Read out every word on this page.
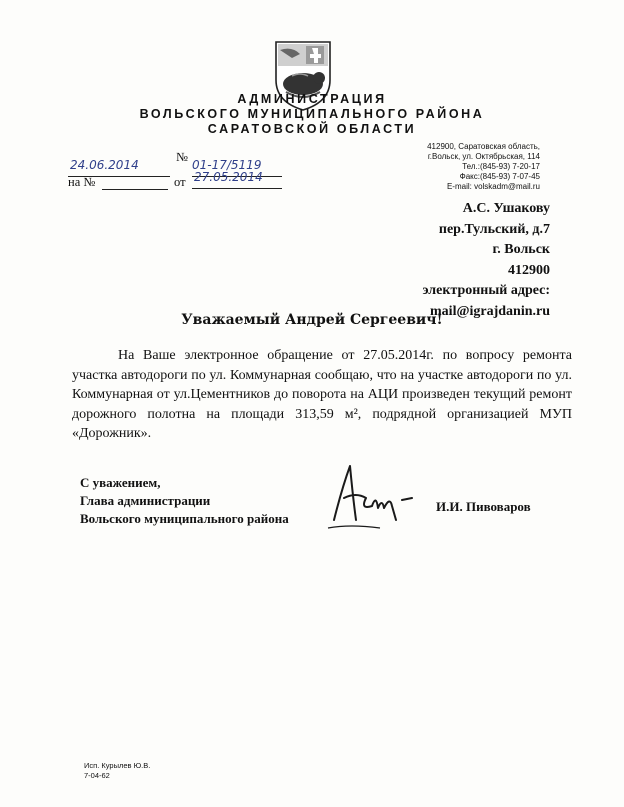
АДМИНИСТРАЦИЯ
ВОЛЬСКОГО МУНИЦИПАЛЬНОГО РАЙОНА
САРАТОВСКОЙ ОБЛАСТИ
24.06.2014
№
01-17/5119
на №	от 27.05.2014
412900, Саратовская область,
г.Вольск, ул. Октябрьская, 114
Тел.:(845-93) 7-20-17
Факс:(845-93) 7-07-45
E-mail: volskadm@mail.ru
А.С. Ушакову
пер.Тульский, д.7
г. Вольск
412900
электронный адрес:
mail@igrajdanin.ru
Уважаемый Андрей Сергеевич!
На Ваше электронное обращение от 27.05.2014г. по вопросу ремонта участка автодороги по ул. Коммунарная сообщаю, что на участке автодороги по ул. Коммунарная от ул.Цементников до поворота на АЦИ произведен текущий ремонт дорожного полотна на площади 313,59 м², подрядной организацией МУП «Дорожник».
С уважением,
Глава администрации
Вольского муниципального района
И.И. Пивоваров
Исп. Курылев Ю.В.
7-04-62
